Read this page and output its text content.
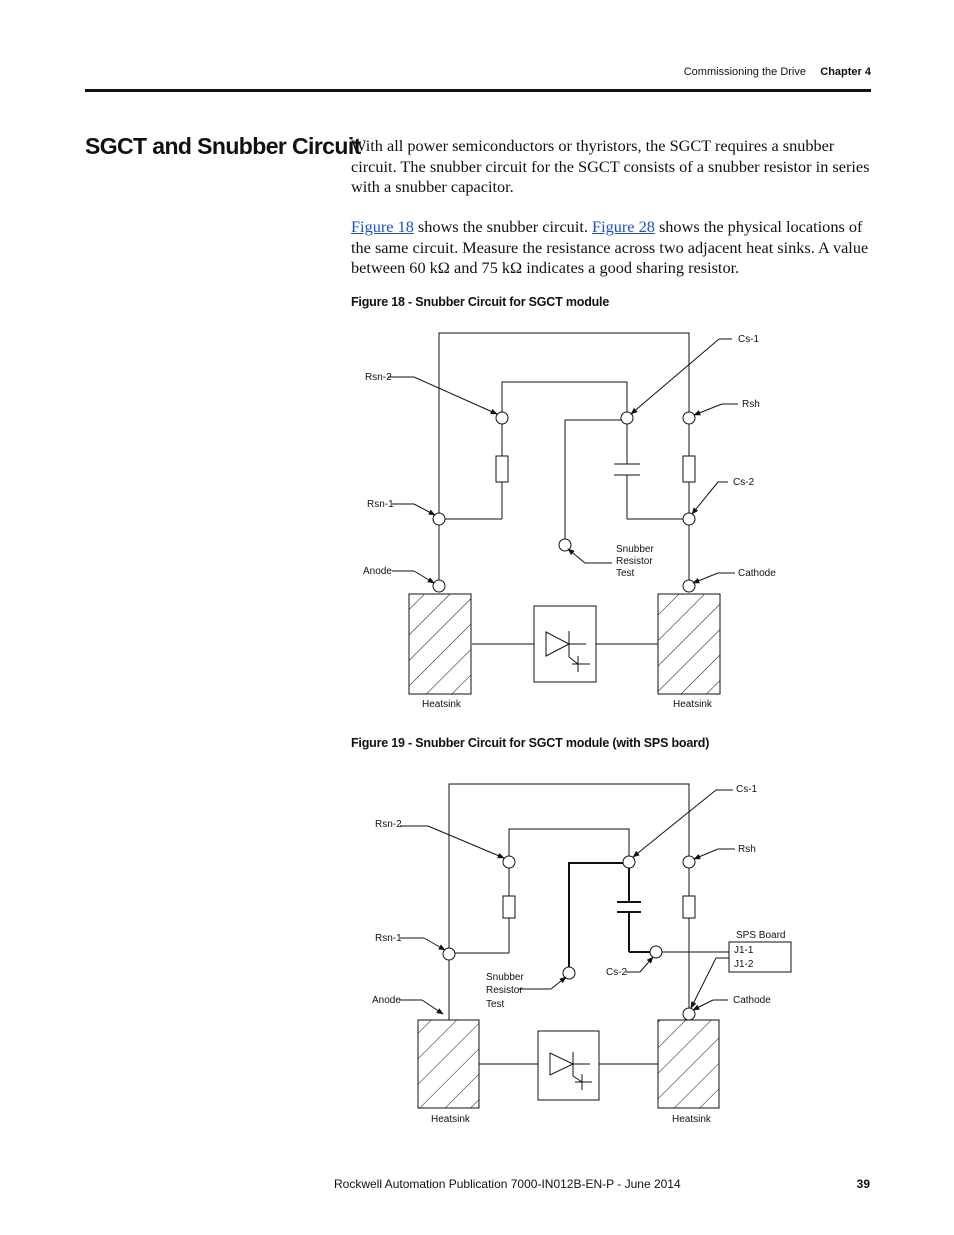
Commissioning the Drive Chapter 4
SGCT and Snubber Circuit

With all power semiconductors or thyristors, the SGCT requires a snubber circuit. The snubber circuit for the SGCT consists of a snubber resistor in series with a snubber capacitor.

Figure 18 shows the snubber circuit. Figure 28 shows the physical locations of the same circuit. Measure the resistance across two adjacent heat sinks. A value between 60 kΩ and 75 kΩ indicates a good sharing resistor.

Figure 18 - Snubber Circuit for SGCT module
Cs-1
Rsn-2
Rsh
Cs-2
Rsn-1
Snubber
Resistor
Test
Anode	Cathode
Heatsink	Heatsink
Figure 19 - Snubber Circuit for SGCT module (with SPS board)
Cs-1
Rsn-2
Rsh
SPS Board
J1-1
J1-2
Rsn-1
Snubber
Resistor
Test
Cs-2
Anode	Cathode
Heatsink	Heatsink
Rockwell Automation Publication 7000-IN012B-EN-P - June 2014	39
